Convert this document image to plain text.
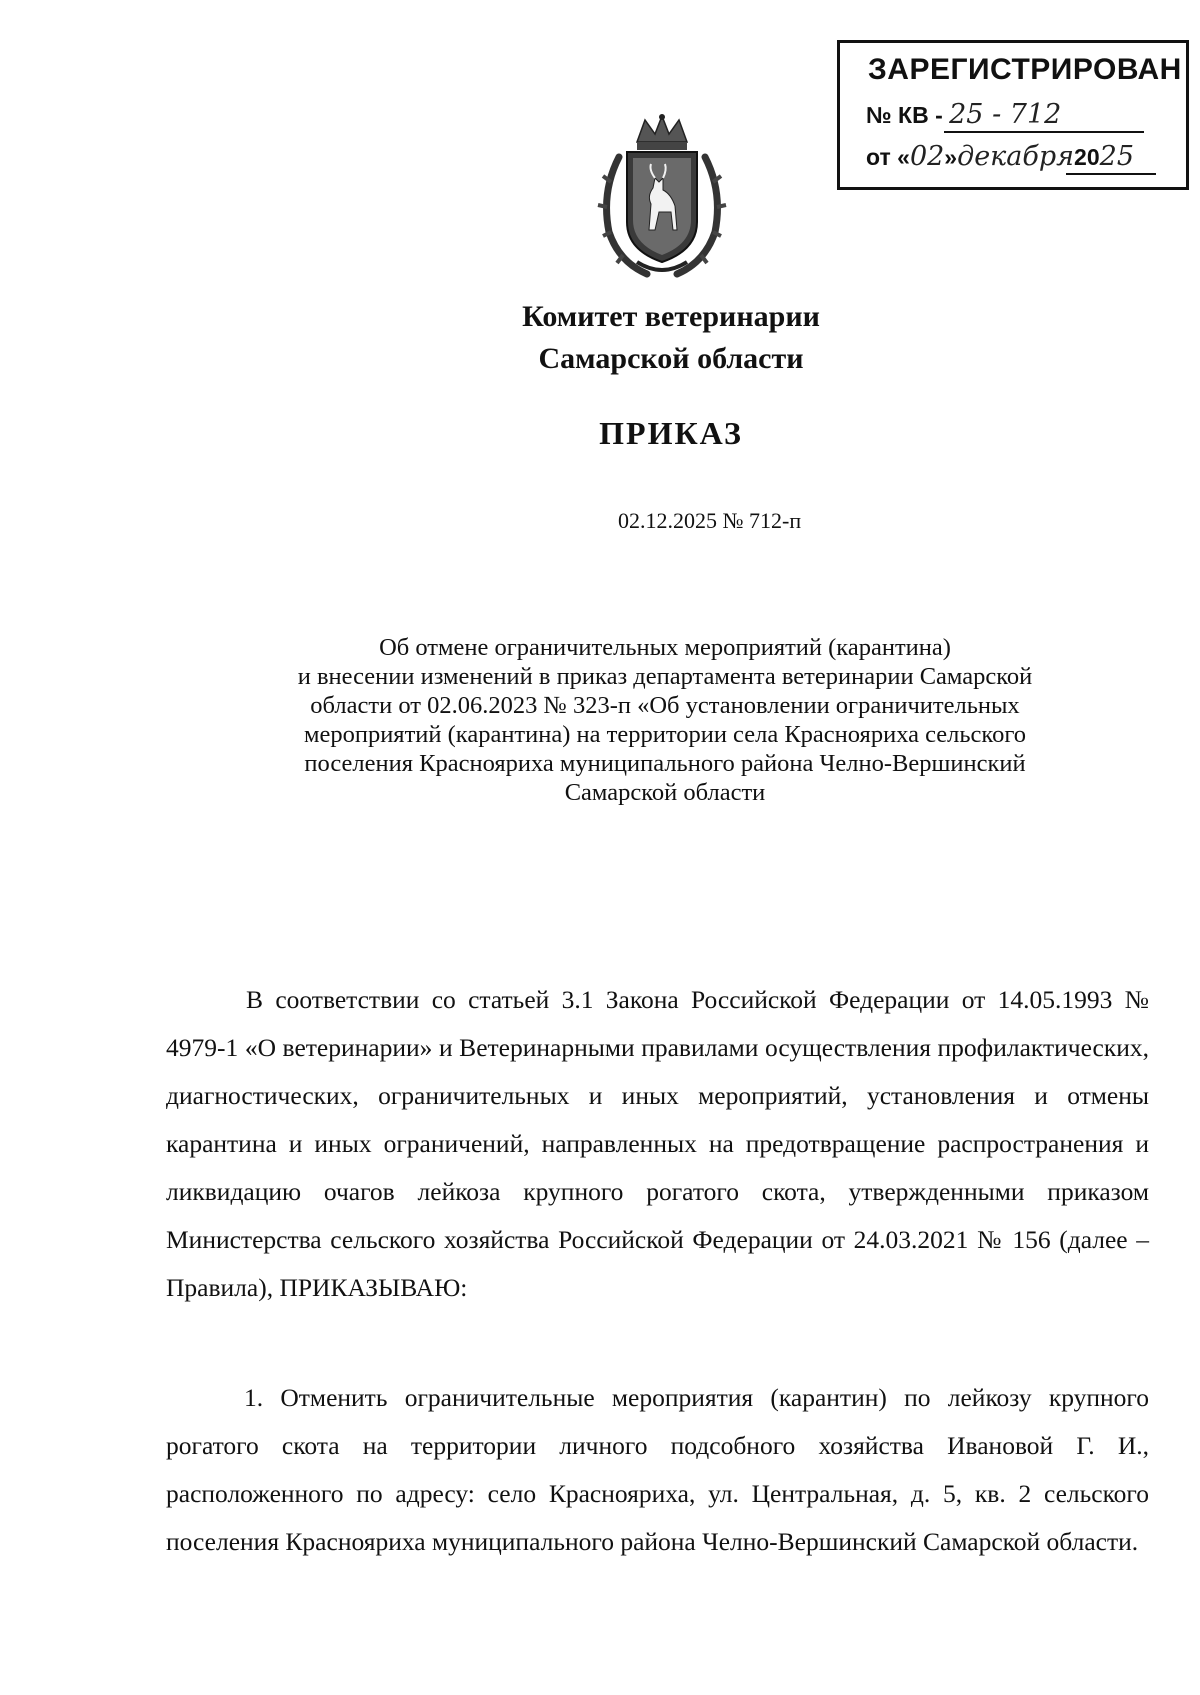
ЗАРЕГИСТРИРОВАН
№ КВ - 25 - 712
от «02»декабря2025
Комитет ветеринарии
Самарской области
ПРИКАЗ
02.12.2025 № 712-п
Об отмене ограничительных мероприятий (карантина)
и внесении изменений в приказ департамента ветеринарии Самарской
области от 02.06.2023 № 323-п «Об установлении ограничительных
мероприятий (карантина) на территории села Краснояриха сельского
поселения Краснояриха муниципального района Челно-Вершинский
Самарской области
В соответствии со статьей 3.1 Закона Российской Федерации от 14.05.1993 № 4979-1 «О ветеринарии» и Ветеринарными правилами осуществления профилактических, диагностических, ограничительных и иных мероприятий, установления и отмены карантина и иных ограничений, направленных на предотвращение распространения и ликвидацию очагов лейкоза крупного рогатого скота, утвержденными приказом Министерства сельского хозяйства Российской Федерации от 24.03.2021 № 156 (далее – Правила), ПРИКАЗЫВАЮ:
1. Отменить ограничительные мероприятия (карантин) по лейкозу крупного рогатого скота на территории личного подсобного хозяйства Ивановой Г. И., расположенного по адресу: село Краснояриха, ул. Центральная, д. 5, кв. 2 сельского поселения Краснояриха муниципального района Челно-Вершинский Самарской области.
